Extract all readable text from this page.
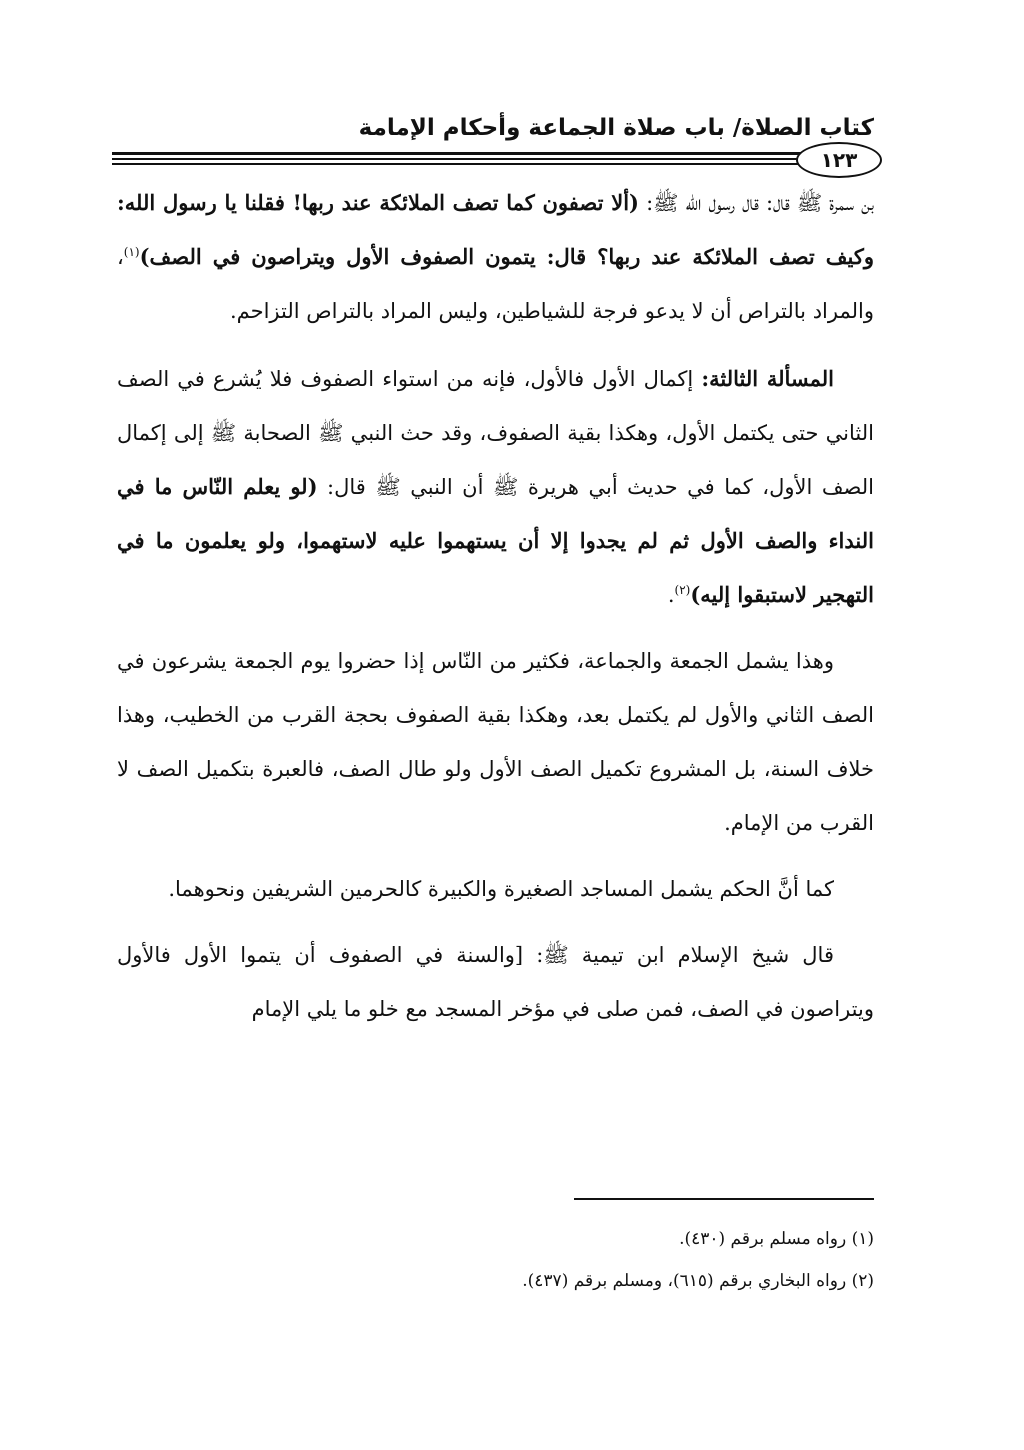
كتاب الصلاة/ باب صلاة الجماعة وأحكام الإمامة
١٢٣

بن سمرة ﷺ قال: قال رسول الله ﷺ: (ألا تصفون كما تصف الملائكة عند ربها! فقلنا يا رسول الله: وكيف تصف الملائكة عند ربها؟ قال: يتمون الصفوف الأول ويتراصون في الصف)$^{(١)}$، والمراد بالتراص أن لا يدعو فرجة للشياطين، وليس المراد بالتراص التزاحم.

المسألة الثالثة: إكمال الأول فالأول، فإنه من استواء الصفوف فلا يُشرع في الصف الثاني حتى يكتمل الأول، وهكذا بقية الصفوف، وقد حث النبي ﷺ الصحابة ﷺ إلى إكمال الصف الأول، كما في حديث أبي هريرة ﷺ أن النبي ﷺ قال: (لو يعلم النّاس ما في النداء والصف الأول ثم لم يجدوا إلا أن يستهموا عليه لاستهموا، ولو يعلمون ما في التهجير لاستبقوا إليه)$^{(٢)}$.

وهذا يشمل الجمعة والجماعة، فكثير من النّاس إذا حضروا يوم الجمعة يشرعون في الصف الثاني والأول لم يكتمل بعد، وهكذا بقية الصفوف بحجة القرب من الخطيب، وهذا خلاف السنة، بل المشروع تكميل الصف الأول ولو طال الصف، فالعبرة بتكميل الصف لا القرب من الإمام.

كما أنَّ الحكم يشمل المساجد الصغيرة والكبيرة كالحرمين الشريفين ونحوهما.

قال شيخ الإسلام ابن تيمية ﷺ: [والسنة في الصفوف أن يتموا الأول فالأول ويتراصون في الصف، فمن صلى في مؤخر المسجد مع خلو ما يلي الإمام

(١) رواه مسلم برقم (٤٣٠).
(٢) رواه البخاري برقم (٦١٥)، ومسلم برقم (٤٣٧).
